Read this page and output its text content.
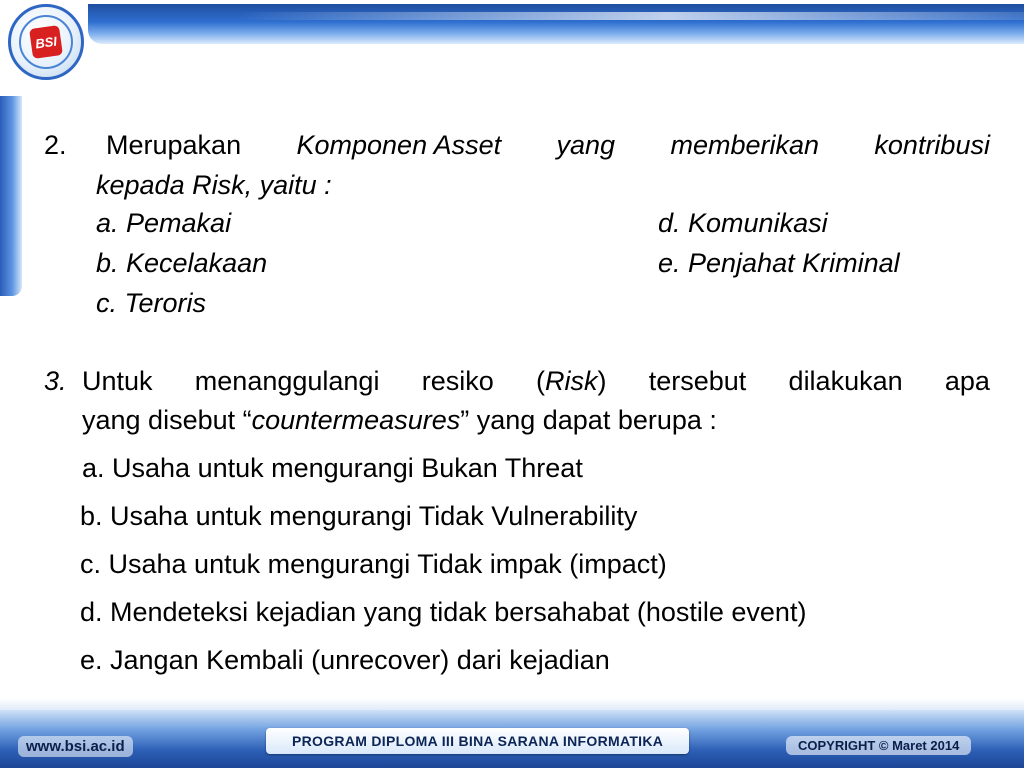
BSI
2. Merupakan Komponen Asset yang memberikan kontribusi
kepada Risk, yaitu :
a. Pemakai
b. Kecelakaan
c. Teroris
d. Komunikasi
e. Penjahat Kriminal
3. Untuk menanggulangi resiko (Risk) tersebut dilakukan apa
yang disebut “countermeasures” yang dapat berupa :
a. Usaha untuk mengurangi Bukan Threat
b. Usaha untuk mengurangi Tidak Vulnerability
c. Usaha untuk mengurangi Tidak impak (impact)
d. Mendeteksi kejadian yang tidak bersahabat (hostile event)
e. Jangan Kembali (unrecover) dari kejadian
www.bsi.ac.id	PROGRAM DIPLOMA III BINA SARANA INFORMATIKA	COPYRIGHT © Maret 2014
